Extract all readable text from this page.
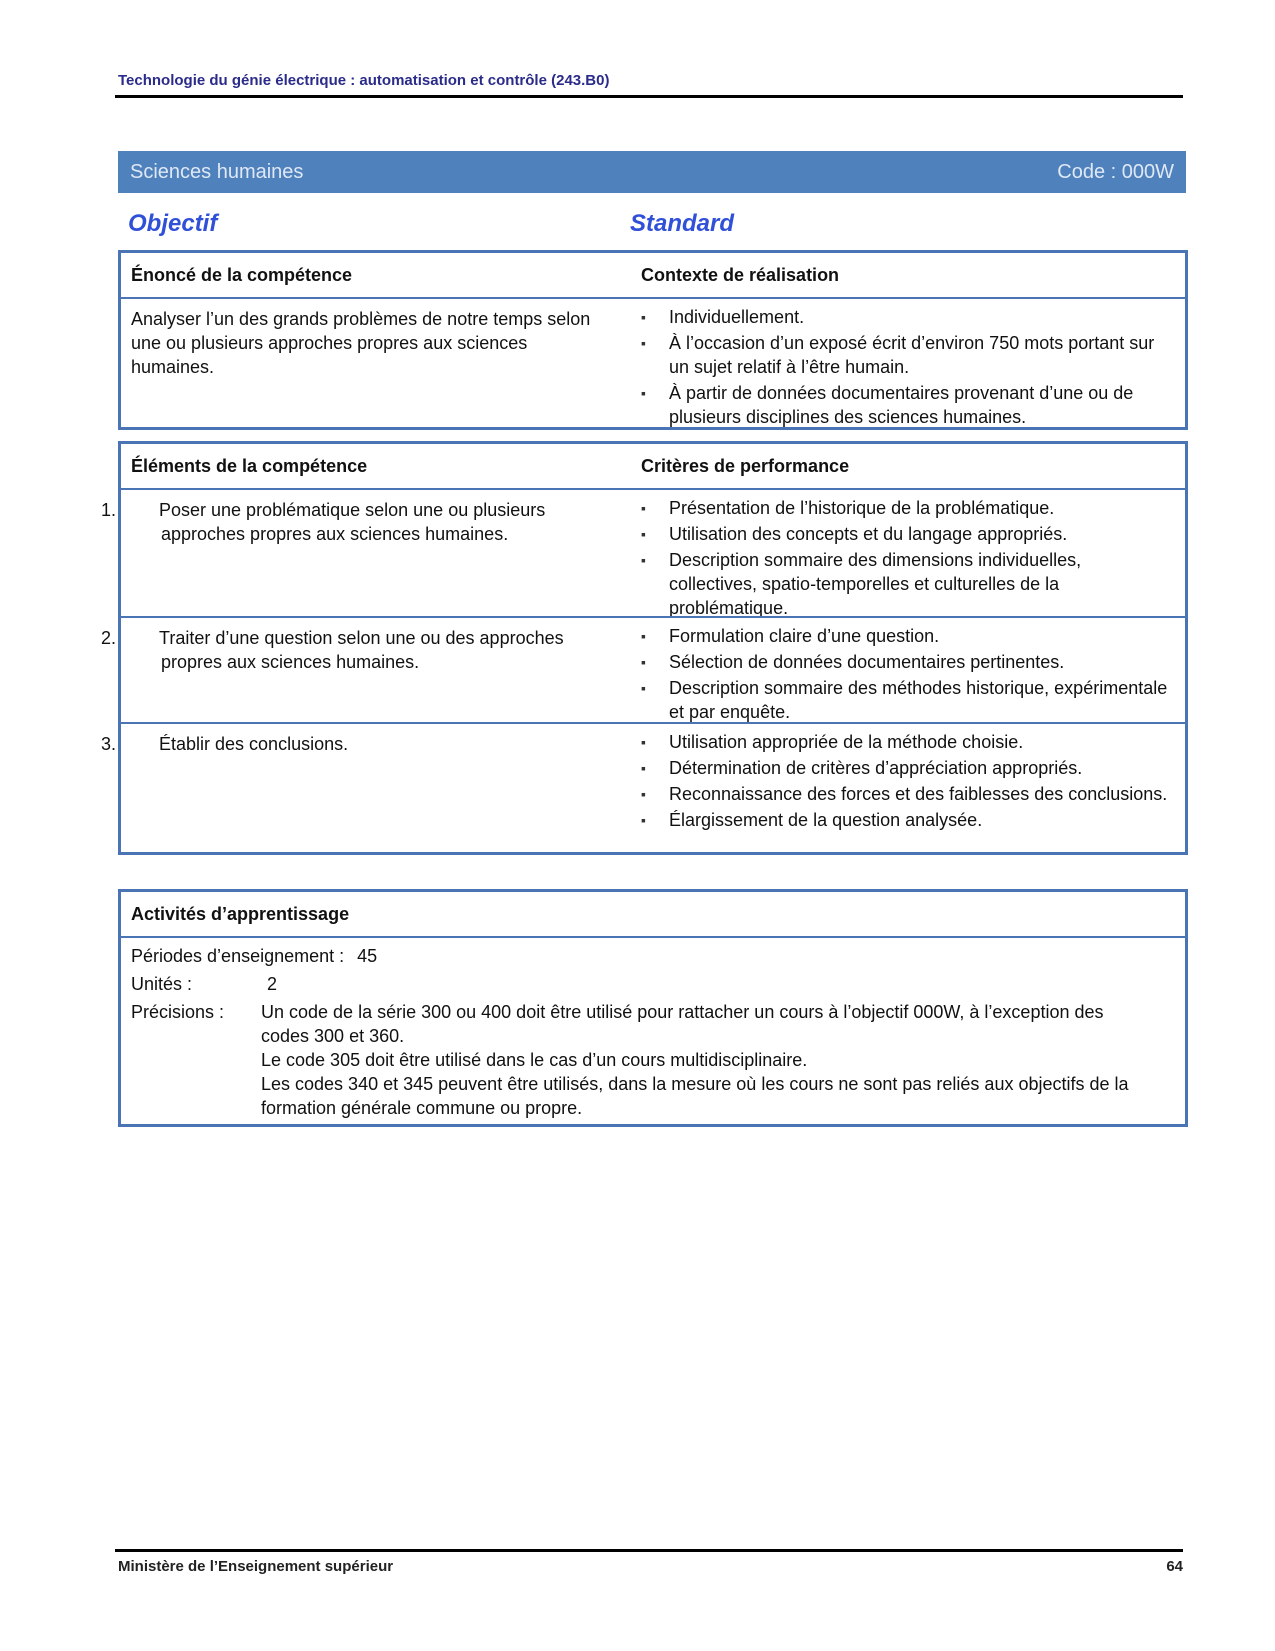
Technologie du génie électrique : automatisation et contrôle (243.B0)
Sciences humaines	Code : 000W
Objectif	Standard
Énoncé de la compétence	Contexte de réalisation
Analyser l’un des grands problèmes de notre temps selon une ou plusieurs approches propres aux sciences humaines.
▪ Individuellement.
▪ À l’occasion d’un exposé écrit d’environ 750 mots portant sur un sujet relatif à l’être humain.
▪ À partir de données documentaires provenant d’une ou de plusieurs disciplines des sciences humaines.
Éléments de la compétence	Critères de performance
1. Poser une problématique selon une ou plusieurs approches propres aux sciences humaines.
▪ Présentation de l’historique de la problématique.
▪ Utilisation des concepts et du langage appropriés.
▪ Description sommaire des dimensions individuelles, collectives, spatio-temporelles et culturelles de la problématique.
2. Traiter d’une question selon une ou des approches propres aux sciences humaines.
▪ Formulation claire d’une question.
▪ Sélection de données documentaires pertinentes.
▪ Description sommaire des méthodes historique, expérimentale et par enquête.
3. Établir des conclusions.
▪	Utilisation appropriée de la méthode choisie.
▪ Détermination de critères d’appréciation appropriés.
▪ Reconnaissance des forces et des faiblesses des conclusions.
▪ Élargissement de la question analysée.
Activités d’apprentissage
Périodes d’enseignement : 45
Unités :	2
Précisions : Un code de la série 300 ou 400 doit être utilisé pour rattacher un cours à l’objectif 000W, à l’exception des codes 300 et 360.
Le code 305 doit être utilisé dans le cas d’un cours multidisciplinaire.
Les codes 340 et 345 peuvent être utilisés, dans la mesure où les cours ne sont pas reliés aux objectifs de la formation générale commune ou propre.
Ministère de l’Enseignement supérieur	64
